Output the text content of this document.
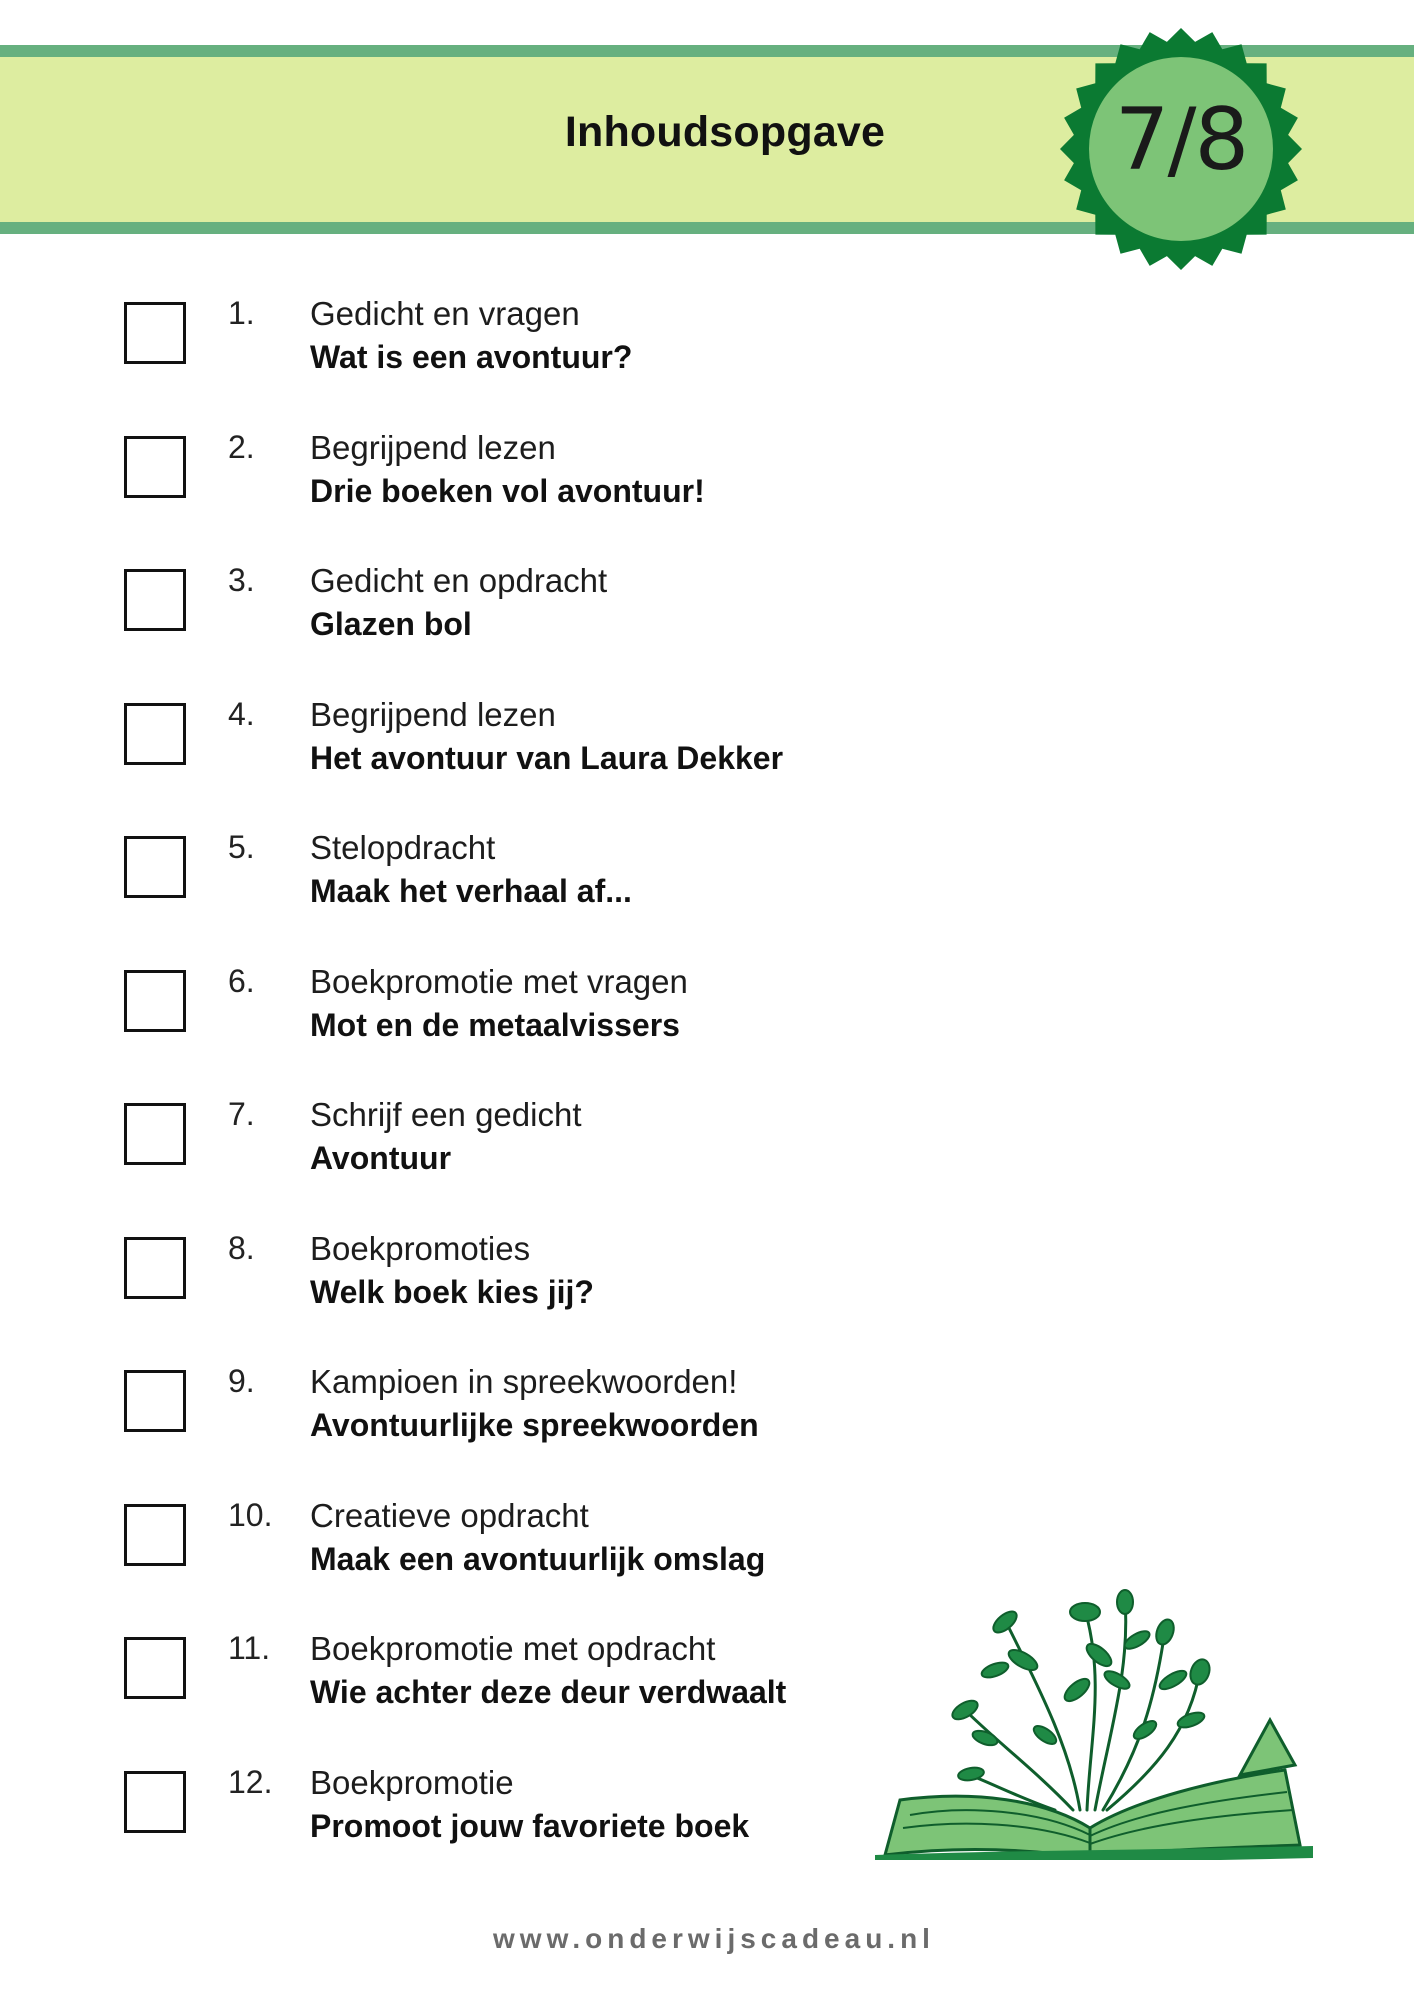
Inhoudsopgave	7/8
1. Gedicht en vragen
Wat is een avontuur?
2. Begrijpend lezen
Drie boeken vol avontuur!
3. Gedicht en opdracht
Glazen bol
4. Begrijpend lezen
Het avontuur van Laura Dekker
5. Stelopdracht
Maak het verhaal af...
6. Boekpromotie met vragen
Mot en de metaalvissers
7. Schrijf een gedicht
Avontuur
8. Boekpromoties
Welk boek kies jij?
9. Kampioen in spreekwoorden!
Avontuurlijke spreekwoorden
10. Creatieve opdracht
Maak een avontuurlijk omslag
11. Boekpromotie met opdracht
Wie achter deze deur verdwaalt
12. Boekpromotie
Promoot jouw favoriete boek
www.onderwijscadeau.nl
